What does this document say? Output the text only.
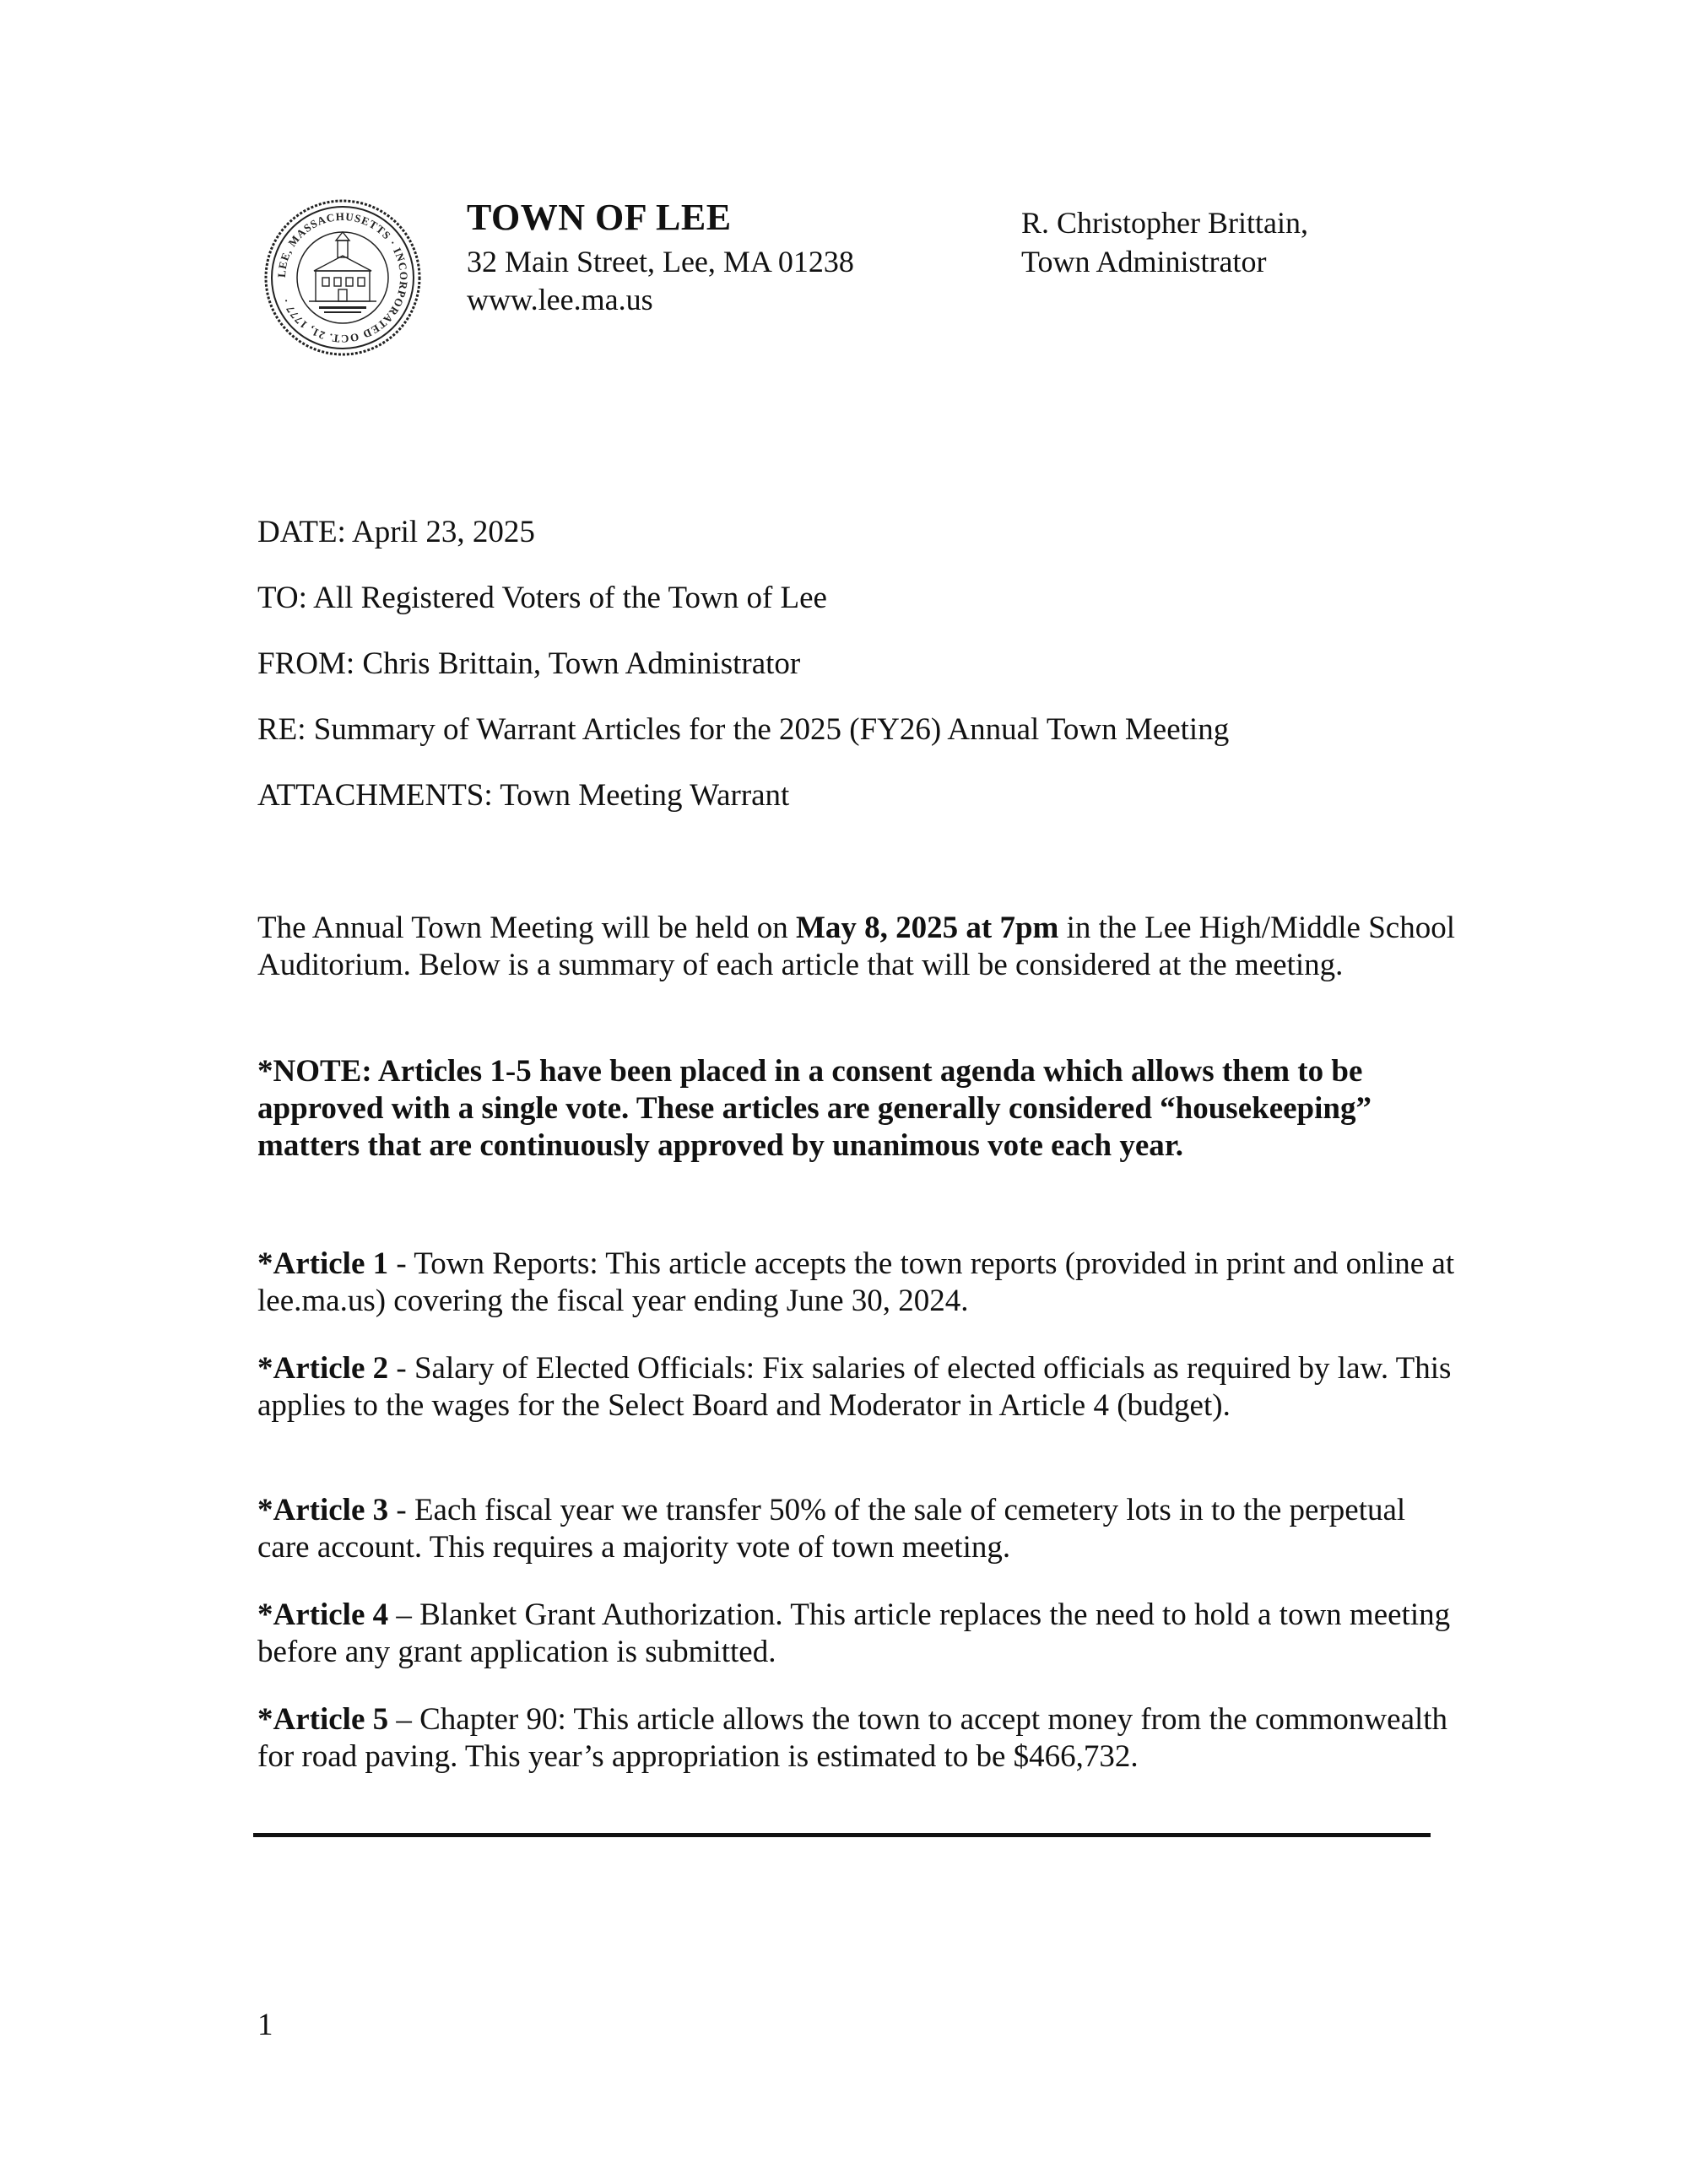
LEE, MASSACHUSETTS · INCORPORATED OCT. 21, 1777 ·
TOWN OF LEE
32 Main Street, Lee, MA 01238
www.lee.ma.us
R. Christopher Brittain,
Town Administrator
DATE: April 23, 2025
TO: All Registered Voters of the Town of Lee
FROM: Chris Brittain, Town Administrator
RE: Summary of Warrant Articles for the 2025 (FY26) Annual Town Meeting
ATTACHMENTS: Town Meeting Warrant
The Annual Town Meeting will be held on May 8, 2025 at 7pm in the Lee High/Middle School Auditorium. Below is a summary of each article that will be considered at the meeting.
*NOTE: Articles 1-5 have been placed in a consent agenda which allows them to be approved with a single vote. These articles are generally considered “housekeeping” matters that are continuously approved by unanimous vote each year.
*Article 1 - Town Reports: This article accepts the town reports (provided in print and online at lee.ma.us) covering the fiscal year ending June 30, 2024.
*Article 2 - Salary of Elected Officials: Fix salaries of elected officials as required by law. This applies to the wages for the Select Board and Moderator in Article 4 (budget).
*Article 3 - Each fiscal year we transfer 50% of the sale of cemetery lots in to the perpetual care account. This requires a majority vote of town meeting.
*Article 4 – Blanket Grant Authorization. This article replaces the need to hold a town meeting before any grant application is submitted.
*Article 5 – Chapter 90: This article allows the town to accept money from the commonwealth for road paving. This year’s appropriation is estimated to be $466,732.
1
